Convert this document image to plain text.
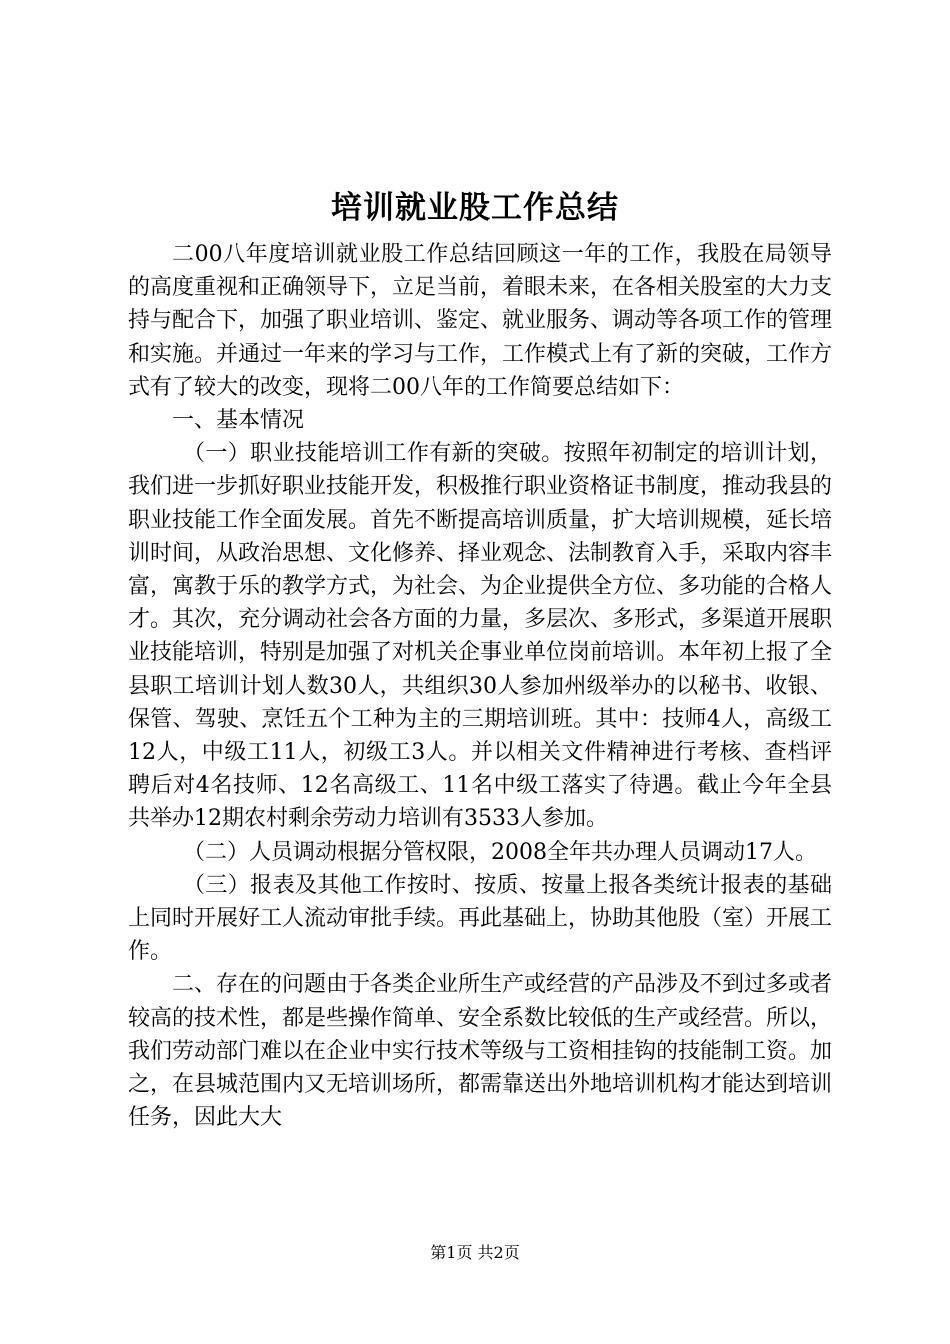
培训就业股工作总结

二00八年度培训就业股工作总结回顾这一年的工作，我股在局领导的高度重视和正确领导下，立足当前，着眼未来，在各相关股室的大力支持与配合下，加强了职业培训、鉴定、就业服务、调动等各项工作的管理和实施。并通过一年来的学习与工作，工作模式上有了新的突破，工作方式有了较大的改变，现将二00八年的工作简要总结如下：

一、基本情况

（一）职业技能培训工作有新的突破。按照年初制定的培训计划，我们进一步抓好职业技能开发，积极推行职业资格证书制度，推动我县的职业技能工作全面发展。首先不断提高培训质量，扩大培训规模，延长培训时间，从政治思想、文化修养、择业观念、法制教育入手，采取内容丰富，寓教于乐的教学方式，为社会、为企业提供全方位、多功能的合格人才。其次，充分调动社会各方面的力量，多层次、多形式，多渠道开展职业技能培训，特别是加强了对机关企事业单位岗前培训。本年初上报了全县职工培训计划人数30人，共组织30人参加州级举办的以秘书、收银、保管、驾驶、烹饪五个工种为主的三期培训班。其中：技师4人，高级工12人，中级工11人，初级工3人。并以相关文件精神进行考核、查档评聘后对4名技师、12名高级工、11名中级工落实了待遇。截止今年全县共举办12期农村剩余劳动力培训有3533人参加。

（二）人员调动根据分管权限，2008全年共办理人员调动17人。

（三）报表及其他工作按时、按质、按量上报各类统计报表的基础上同时开展好工人流动审批手续。再此基础上，协助其他股（室）开展工作。

二、存在的问题由于各类企业所生产或经营的产品涉及不到过多或者较高的技术性，都是些操作简单、安全系数比较低的生产或经营。所以，我们劳动部门难以在企业中实行技术等级与工资相挂钩的技能制工资。加之，在县城范围内又无培训场所，都需靠送出外地培训机构才能达到培训任务，因此大大

第1页 共2页
